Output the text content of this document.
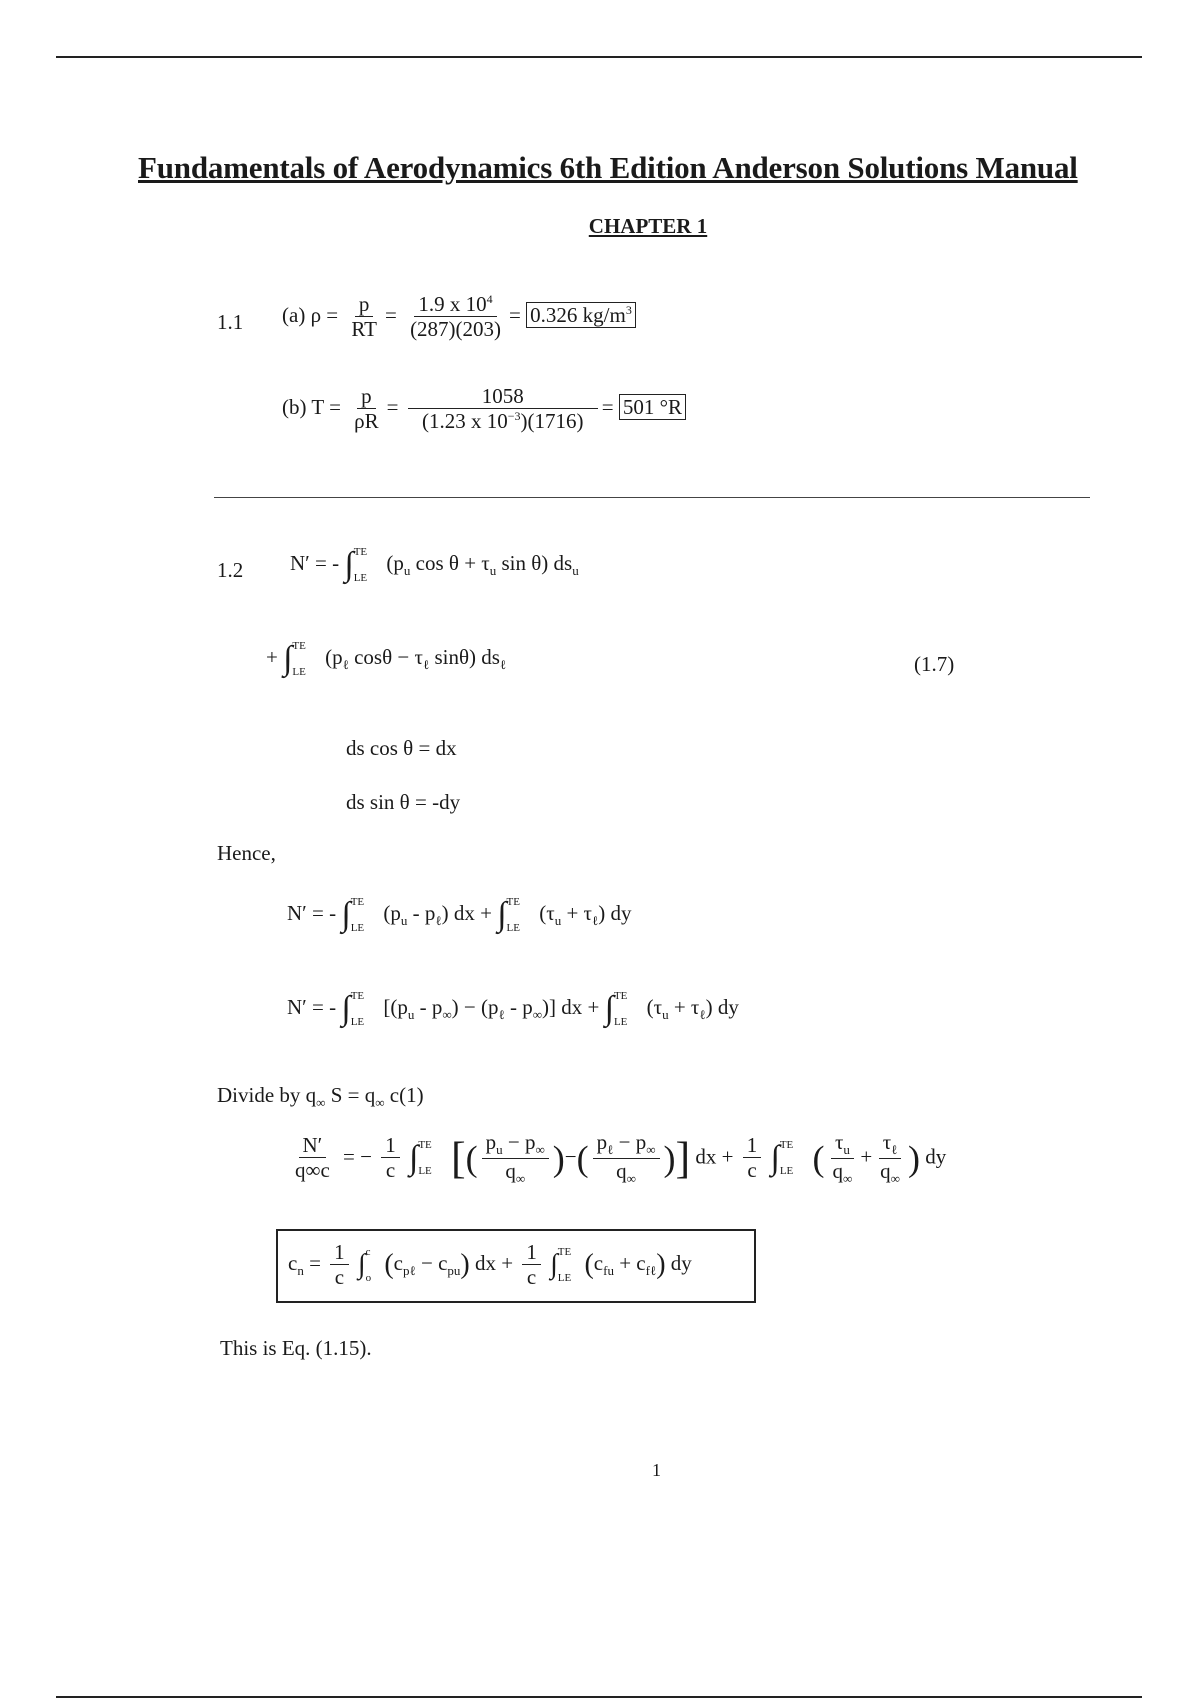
Fundamentals of Aerodynamics 6th Edition Anderson Solutions Manual
CHAPTER 1
1.1 (a) $\rho = \frac{p}{RT} = \frac{1.9 x 10^4}{(287)(203)} = 0.326$ $kg/m^3$
(b) $T = \frac{p}{\rho R} = \frac{1058}{(1.23 x 10^{-3})(1716)} = 501$ °R
1.2 N′ = - ∫ TE
LE
($p_u$ $\cos \theta + \tau_u$ sin θ) $ds_u$
+ ∫ TE
LE
($p_\ell$ $\cos\theta - \tau_\ell$ sinθ) $ds_\ell$	(1.7)
ds cos θ = dx
ds sin θ = -dy
Hence,
N′ = - ∫ TE
LE
$(p_u - p_\ell)$ dx + ∫ TE
LE
$(\tau_u + \tau_\ell)$ dy
N′ = - ∫ TE
LE
$[(p_u - p_\infty) - (p_\ell - p_\infty)]$ dx + ∫ TE
LE
$(\tau_u + \tau_\ell)$ dy
Divide by $q_\infty$ $S = q_\infty$ c(1)
$\frac{N'}{q\infty c}$ = − $\frac{1}{c}$ ∫ TE
LE [( $\frac{p_u - p_\infty}{q_\infty}$ )−( $\frac{p_\ell - p_\infty}{q_\infty}$ )] dx + $\frac{1}{c}$ ∫ TE
LE ( $\frac{\tau_u}{q_\infty} + \frac{\tau_\ell}{q_\infty}$ ) dy
$c_n = \frac{1}{c}$ ∫ c
o $(c_{p\ell} - c_{pu})$ dx + $\frac{1}{c}$ ∫ TE
LE $(c_{fu} + c_{f\ell})$ dy
This is Eq. (1.15).
1
